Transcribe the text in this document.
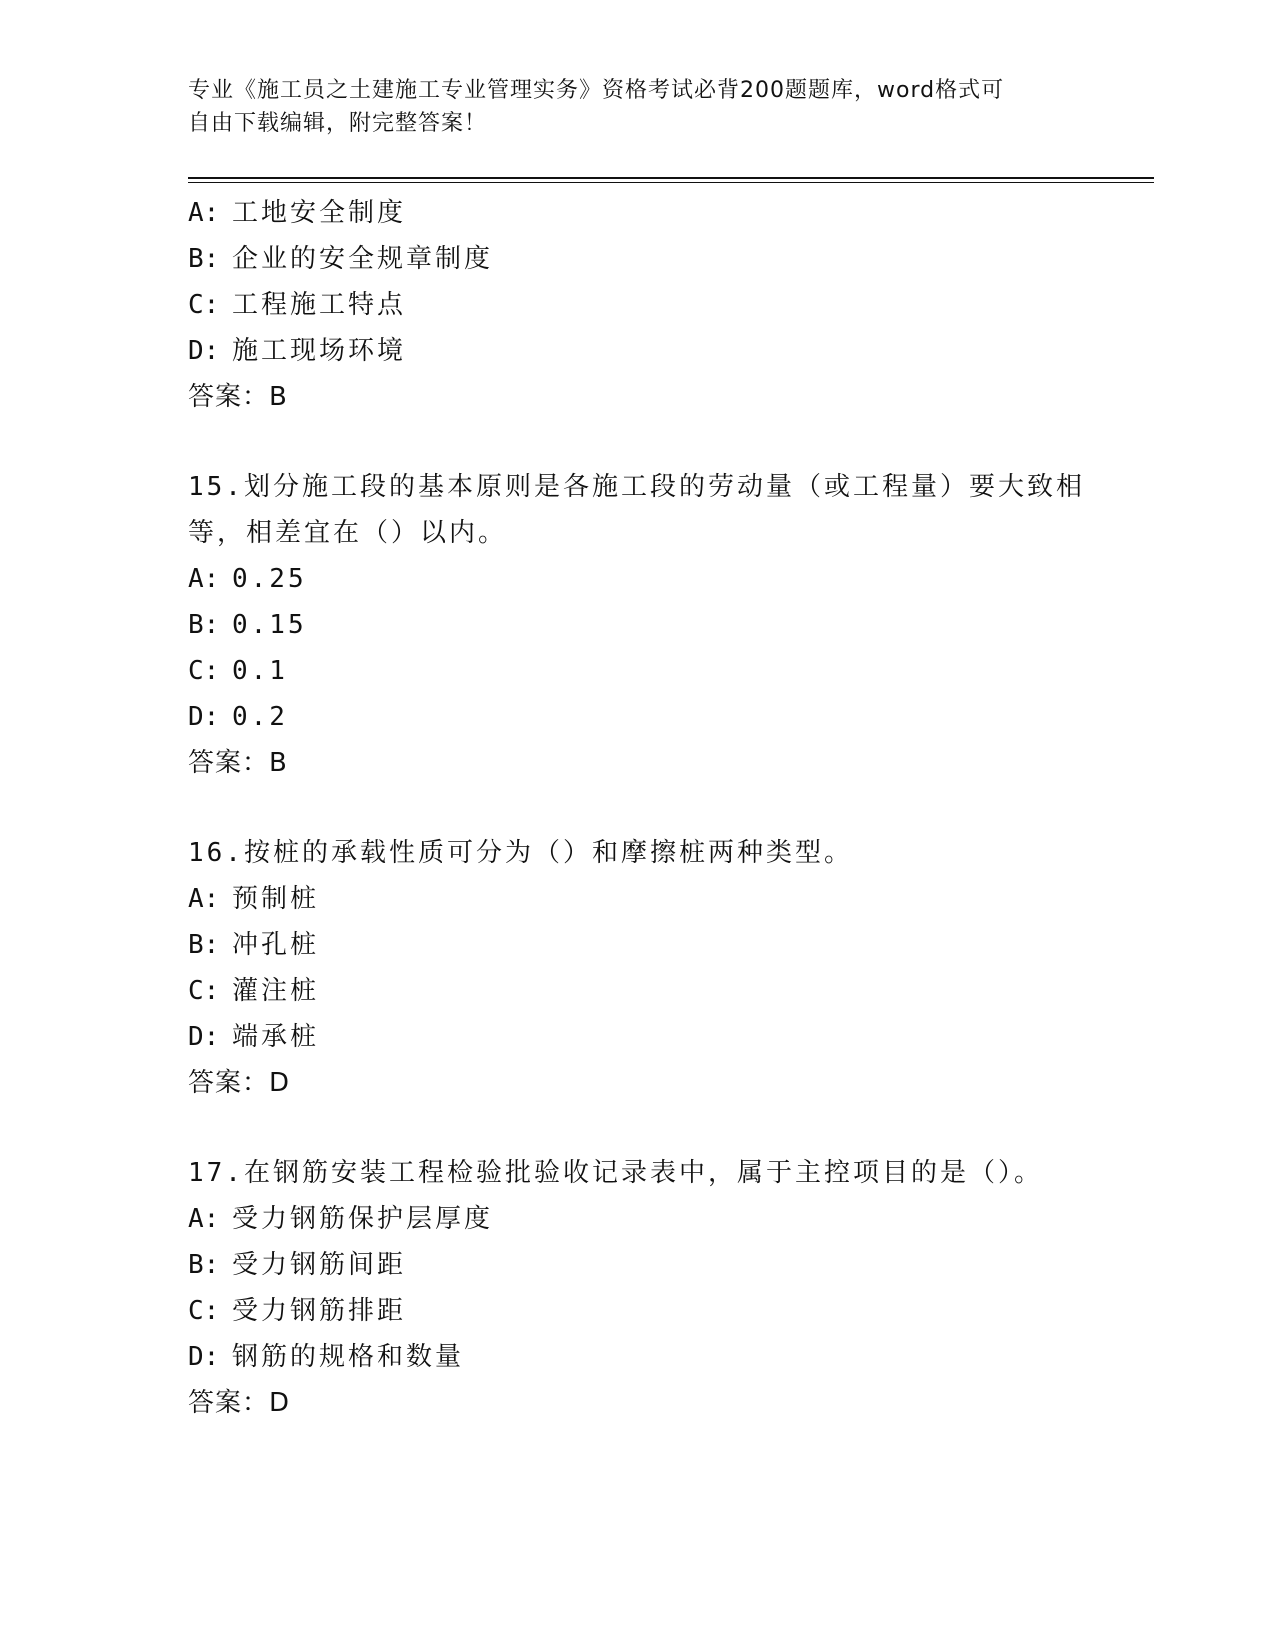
专业《施工员之土建施工专业管理实务》资格考试必背200题题库，word格式可
自由下载编辑，附完整答案！
A: 工地安全制度
B: 企业的安全规章制度
C: 工程施工特点
D: 施工现场环境
答案：B
15.划分施工段的基本原则是各施工段的劳动量（或工程量）要大致相等，相差宜在（）以内。
A: 0.25
B: 0.15
C: 0.1
D: 0.2
答案：B
16.按桩的承载性质可分为（）和摩擦桩两种类型。
A: 预制桩
B: 冲孔桩
C: 灌注桩
D: 端承桩
答案：D
17.在钢筋安装工程检验批验收记录表中，属于主控项目的是（）。
A: 受力钢筋保护层厚度
B: 受力钢筋间距
C: 受力钢筋排距
D: 钢筋的规格和数量
答案：D
